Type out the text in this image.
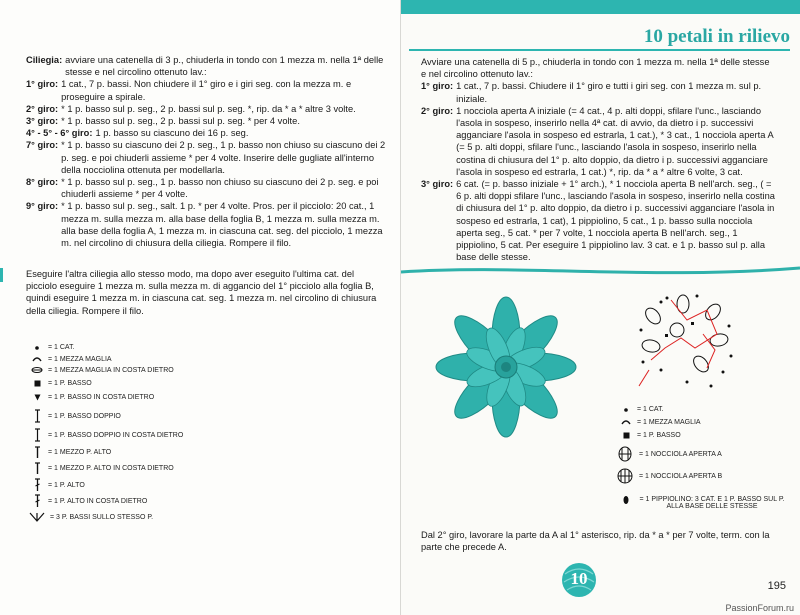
Ciliegia: avviare una catenella di 3 p., chiuderla in tondo con 1 mezza m. nella 1ª delle stesse e nel circolino ottenuto lav.:
1° giro: 1 cat., 7 p. bassi. Non chiudere il 1° giro e i giri seg. con la mezza m. e proseguire a spirale.
2° giro: * 1 p. basso sul p. seg., 2 p. bassi sul p. seg. *, rip. da * a * altre 3 volte.
3° giro: * 1 p. basso sul p. seg., 2 p. bassi sul p. seg. * per 4 volte.
4° - 5° - 6° giro: 1 p. basso su ciascuno dei 16 p. seg.
7° giro: * 1 p. basso su ciascuno dei 2 p. seg., 1 p. basso non chiuso su ciascuno dei 2 p. seg. e poi chiuderli assieme * per 4 volte. Inserire delle gugliate all'interno della nocciolina ottenuta per modellarla.
8° giro: * 1 p. basso sul p. seg., 1 p. basso non chiuso su ciascuno dei 2 p. seg. e poi chiuderli assieme * per 4 volte.
9° giro: * 1 p. basso sul p. seg., salt. 1 p. * per 4 volte. Pros. per il picciolo: 20 cat., 1 mezza m. sulla mezza m. alla base della foglia B, 1 mezza m. sulla mezza m. alla base della foglia A, 1 mezza m. in ciascuna cat. seg. del picciolo, 1 mezza m. nel circolino di chiusura della ciliegia. Rompere il filo.

Eseguire l'altra ciliegia allo stesso modo, ma dopo aver eseguito l'ultima cat. del picciolo eseguire 1 mezza m. sulla mezza m. di aggancio del 1° picciolo alla foglia B, quindi eseguire 1 mezza m. in ciascuna cat. seg. 1 mezza m. nel circolino di chiusura della ciliegia. Rompere il filo.

= 1 CAT.
= 1 MEZZA MAGLIA
= 1 MEZZA MAGLIA IN COSTA DIETRO
= 1 P. BASSO
= 1 P. BASSO IN COSTA DIETRO
= 1 P. BASSO DOPPIO
= 1 P. BASSO DOPPIO IN COSTA DIETRO
= 1 MEZZO P. ALTO
= 1 MEZZO P. ALTO IN COSTA DIETRO
= 1 P. ALTO
= 1 P. ALTO IN COSTA DIETRO
= 3 P. BASSI SULLO STESSO P.
10 petali in rilievo

Avviare una catenella di 5 p., chiuderla in tondo con 1 mezza m. nella 1ª delle stesse e nel circolino ottenuto lav.:

1° giro: 1 cat., 7 p. bassi. Chiudere il 1° giro e tutti i giri seg. con 1 mezza m. sul p. iniziale.
2° giro: 1 nocciola aperta A iniziale (= 4 cat., 4 p. alti doppi, sfilare l'unc., lasciando l'asola in sospeso, inserirlo nella 4ª cat. di avvio, da dietro i p. successivi agganciare l'asola in sospeso ed estrarla, 1 cat.), * 3 cat., 1 nocciola aperta A (= 5 p. alti doppi, sfilare l'unc., lasciando l'asola in sospeso, inserirlo nella costina di chiusura del 1° p. alto doppio, da dietro i p. successivi agganciare l'asola in sospeso ed estrarla, 1 cat.) *, rip. da * a * altre 6 volte, 3 cat.
3° giro: 6 cat. (= p. basso iniziale + 1° arch.), * 1 nocciola aperta B nell'arch. seg., ( = 6 p. alti doppi sfilare l'unc., lasciando l'asola in sospeso, inserirlo nella costina di chiusura del 1° p. alto doppio, da dietro i p. successivi agganciare l'asola in sospeso ed estrarla, 1 cat), 1 pippiolino, 5 cat., 1 p. basso sulla nocciola aperta seg., 5 cat. * per 7 volte, 1 nocciola aperta B nell'arch. seg., 1 pippiolino, 5 cat. Per eseguire 1 pippiolino lav. 3 cat. e 1 p. basso sul p. alla base delle stesse.
= 1 CAT.
= 1 MEZZA MAGLIA
= 1 P. BASSO
= 1 NOCCIOLA APERTA A
= 1 NOCCIOLA APERTA B
= 1 PIPPIOLINO: 3 CAT. E 1 P. BASSO SUL P. ALLA BASE DELLE STESSE

Dal 2° giro, lavorare la parte da A al 1° asterisco, rip. da * a * per 7 volte, term. con la parte che precede A.

10	195
PassionForum.ru
